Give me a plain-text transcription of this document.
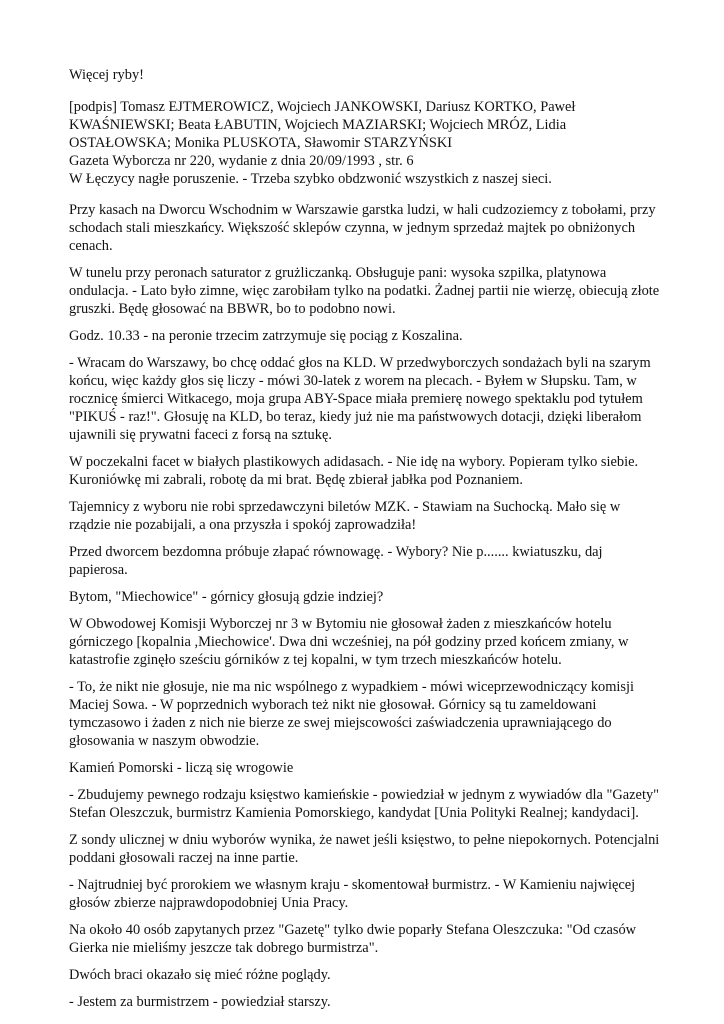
Więcej ryby!

[podpis] Tomasz EJTMEROWICZ, Wojciech JANKOWSKI, Dariusz KORTKO, Paweł KWAŚNIEWSKI; Beata ŁABUTIN, Wojciech MAZIARSKI; Wojciech MRÓZ, Lidia OSTAŁOWSKA; Monika PLUSKOTA, Sławomir STARZYŃSKI

Gazeta Wyborcza nr 220, wydanie z dnia 20/09/1993 , str. 6

W Łęczycy nagłe poruszenie. - Trzeba szybko obdzwonić wszystkich z naszej sieci.

Przy kasach na Dworcu Wschodnim w Warszawie garstka ludzi, w hali cudzoziemcy z tobołami, przy schodach stali mieszkańcy. Większość sklepów czynna, w jednym sprzedaż majtek po obniżonych cenach.

W tunelu przy peronach saturator z grużliczanką. Obsługuje pani: wysoka szpilka, platynowa ondulacja. - Lato było zimne, więc zarobiłam tylko na podatki. Żadnej partii nie wierzę, obiecują złote gruszki. Będę głosować na BBWR, bo to podobno nowi.

Godz. 10.33 - na peronie trzecim zatrzymuje się pociąg z Koszalina.

- Wracam do Warszawy, bo chcę oddać głos na KLD. W przedwyborczych sondażach byli na szarym końcu, więc każdy głos się liczy - mówi 30-latek z worem na plecach. - Byłem w Słupsku. Tam, w rocznicę śmierci Witkacego, moja grupa ABY-Space miała premierę nowego spektaklu pod tytułem "PIKUŚ - raz!". Głosuję na KLD, bo teraz, kiedy już nie ma państwowych dotacji, dzięki liberałom ujawnili się prywatni faceci z forsą na sztukę.

W poczekalni facet w białych plastikowych adidasach. - Nie idę na wybory. Popieram tylko siebie. Kuroniówkę mi zabrali, robotę da mi brat. Będę zbierał jabłka pod Poznaniem.

Tajemnicy z wyboru nie robi sprzedawczyni biletów MZK. - Stawiam na Suchocką. Mało się w rządzie nie pozabijali, a ona przyszła i spokój zaprowadziła!

Przed dworcem bezdomna próbuje złapać równowagę. - Wybory? Nie p....... kwiatuszku, daj papierosa.

Bytom, "Miechowice" - górnicy głosują gdzie indziej?

W Obwodowej Komisji Wyborczej nr 3 w Bytomiu nie głosował żaden z mieszkańców hotelu górniczego [kopalnia ,Miechowice'. Dwa dni wcześniej, na pół godziny przed końcem zmiany, w katastrofie zginęło sześciu górników z tej kopalni, w tym trzech mieszkańców hotelu.

- To, że nikt nie głosuje, nie ma nic wspólnego z wypadkiem - mówi wiceprzewodniczący komisji Maciej Sowa. - W poprzednich wyborach też nikt nie głosował. Górnicy są tu zameldowani tymczasowo i żaden z nich nie bierze ze swej miejscowości zaświadczenia uprawniającego do głosowania w naszym obwodzie.

Kamień Pomorski - liczą się wrogowie

- Zbudujemy pewnego rodzaju księstwo kamieńskie - powiedział w jednym z wywiadów dla "Gazety" Stefan Oleszczuk, burmistrz Kamienia Pomorskiego, kandydat [Unia Polityki Realnej; kandydaci].

Z sondy ulicznej w dniu wyborów wynika, że nawet jeśli księstwo, to pełne niepokornych. Potencjalni poddani głosowali raczej na inne partie.

- Najtrudniej być prorokiem we własnym kraju - skomentował burmistrz. - W Kamieniu najwięcej głosów zbierze najprawdopodobniej Unia Pracy.

Na około 40 osób zapytanych przez "Gazetę" tylko dwie poparły Stefana Oleszczuka: "Od czasów Gierka nie mieliśmy jeszcze tak dobrego burmistrza".

Dwóch braci okazało się mieć różne poglądy.

- Jestem za burmistrzem - powiedział starszy.
